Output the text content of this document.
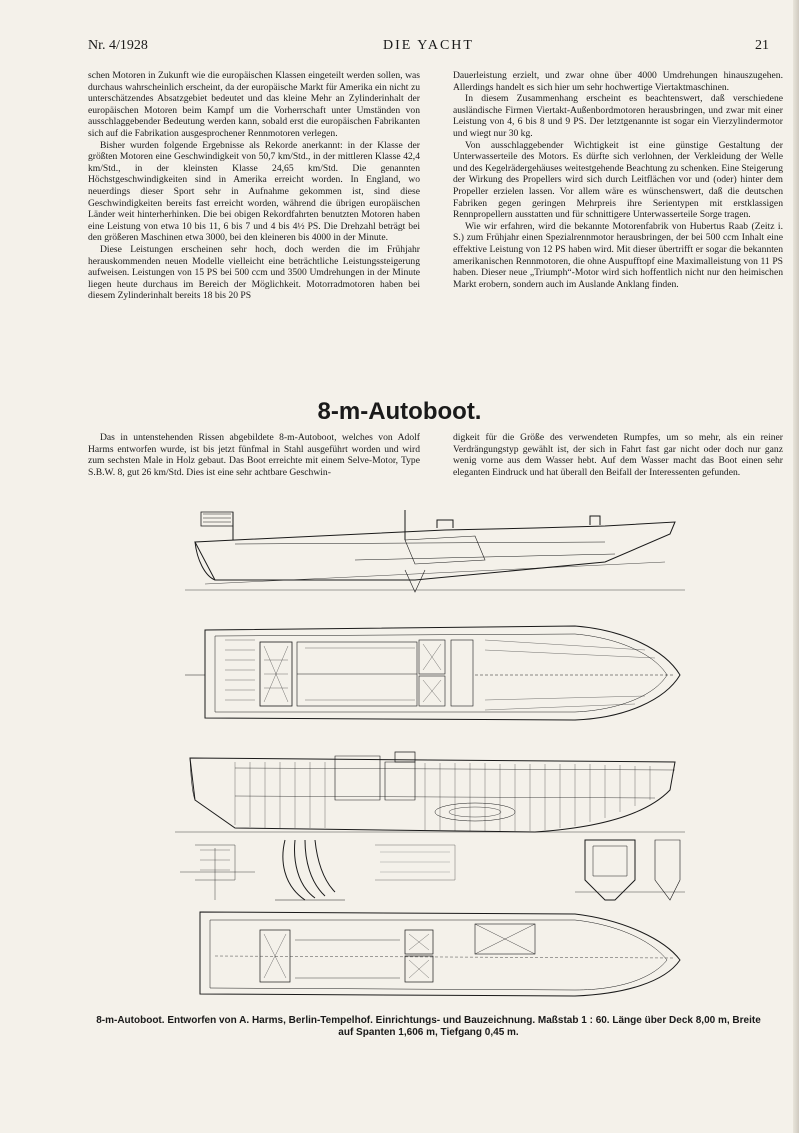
Nr. 4/1928	DIE YACHT	21

schen Motoren in Zukunft wie die europäischen Klassen eingeteilt werden sollen, was durchaus wahrscheinlich erscheint, da der europäische Markt für Amerika ein nicht zu unterschätzendes Absatzgebiet bedeutet und das kleine Mehr an Zylinderinhalt der europäischen Motoren beim Kampf um die Vorherrschaft unter Umständen von ausschlaggebender Bedeutung werden kann, sobald erst die europäischen Fabrikanten sich auf die Fabrikation ausgesprochener Rennmotoren verlegen.

Bisher wurden folgende Ergebnisse als Rekorde anerkannt: in der Klasse der größten Motoren eine Geschwindigkeit von 50,7 km/Std., in der mittleren Klasse 42,4 km/Std., in der kleinsten Klasse 24,65 km/Std. Die genannten Höchstgeschwindigkeiten sind in Amerika erreicht worden. In England, wo neuerdings dieser Sport sehr in Aufnahme gekommen ist, sind diese Geschwindigkeiten bereits fast erreicht worden, während die übrigen europäischen Länder weit hinterherhinken. Die bei obigen Rekordfahrten benutzten Motoren haben eine Leistung von etwa 10 bis 11, 6 bis 7 und 4 bis 4½ PS. Die Drehzahl beträgt bei den größeren Maschinen etwa 3000, bei den kleineren bis 4000 in der Minute.

Diese Leistungen erscheinen sehr hoch, doch werden die im Frühjahr herauskommenden neuen Modelle vielleicht eine beträchtliche Leistungssteigerung aufweisen. Leistungen von 15 PS bei 500 ccm und 3500 Umdrehungen in der Minute liegen heute durchaus im Bereich der Möglichkeit. Motorradmotoren haben bei diesem Zylinderinhalt bereits 18 bis 20 PS

Dauerleistung erzielt, und zwar ohne über 4000 Umdrehungen hinauszugehen. Allerdings handelt es sich hier um sehr hochwertige Viertaktmaschinen.

In diesem Zusammenhang erscheint es beachtenswert, daß verschiedene ausländische Firmen Viertakt-Außenbordmotoren herausbringen, und zwar mit einer Leistung von 4, 6 bis 8 und 9 PS. Der letztgenannte ist sogar ein Vierzylindermotor und wiegt nur 30 kg.

Von ausschlaggebender Wichtigkeit ist eine günstige Gestaltung der Unterwasserteile des Motors. Es dürfte sich verlohnen, der Verkleidung der Welle und des Kegelrädergehäuses weitestgehende Beachtung zu schenken. Eine Steigerung der Wirkung des Propellers wird sich durch Leitflächen vor und (oder) hinter dem Propeller erzielen lassen. Vor allem wäre es wünschenswert, daß die deutschen Fabriken gegen geringen Mehrpreis ihre Serientypen mit erstklassigen Rennpropellern ausstatten und für schnittigere Unterwasserteile Sorge tragen.

Wie wir erfahren, wird die bekannte Motorenfabrik von Hubertus Raab (Zeitz i. S.) zum Frühjahr einen Spezialrennmotor herausbringen, der bei 500 ccm Inhalt eine effektive Leistung von 12 PS haben wird. Mit dieser übertrifft er sogar die bekannten amerikanischen Rennmotoren, die ohne Auspufftopf eine Maximalleistung von 11 PS haben. Dieser neue „Triumph“-Motor wird sich hoffentlich nicht nur den heimischen Markt erobern, sondern auch im Auslande Anklang finden.

8-m-Autoboot.

Das in untenstehenden Rissen abgebildete 8-m-Autoboot, welches von Adolf Harms entworfen wurde, ist bis jetzt fünfmal in Stahl ausgeführt worden und wird zum sechsten Male in Holz gebaut. Das Boot erreichte mit einem Selve-Motor, Type S.B.W. 8, gut 26 km/Std. Dies ist eine sehr achtbare Geschwin-

digkeit für die Größe des verwendeten Rumpfes, um so mehr, als ein reiner Verdrängungstyp gewählt ist, der sich in Fahrt fast gar nicht oder doch nur ganz wenig vorne aus dem Wasser hebt. Auf dem Wasser macht das Boot einen sehr eleganten Eindruck und hat überall den Beifall der Interessenten gefunden.

8-m-Autoboot. Entworfen von A. Harms, Berlin-Tempelhof. Einrichtungs- und Bauzeichnung. Maßstab 1 : 60. Länge über Deck 8,00 m, Breite auf Spanten 1,606 m, Tiefgang 0,45 m.
